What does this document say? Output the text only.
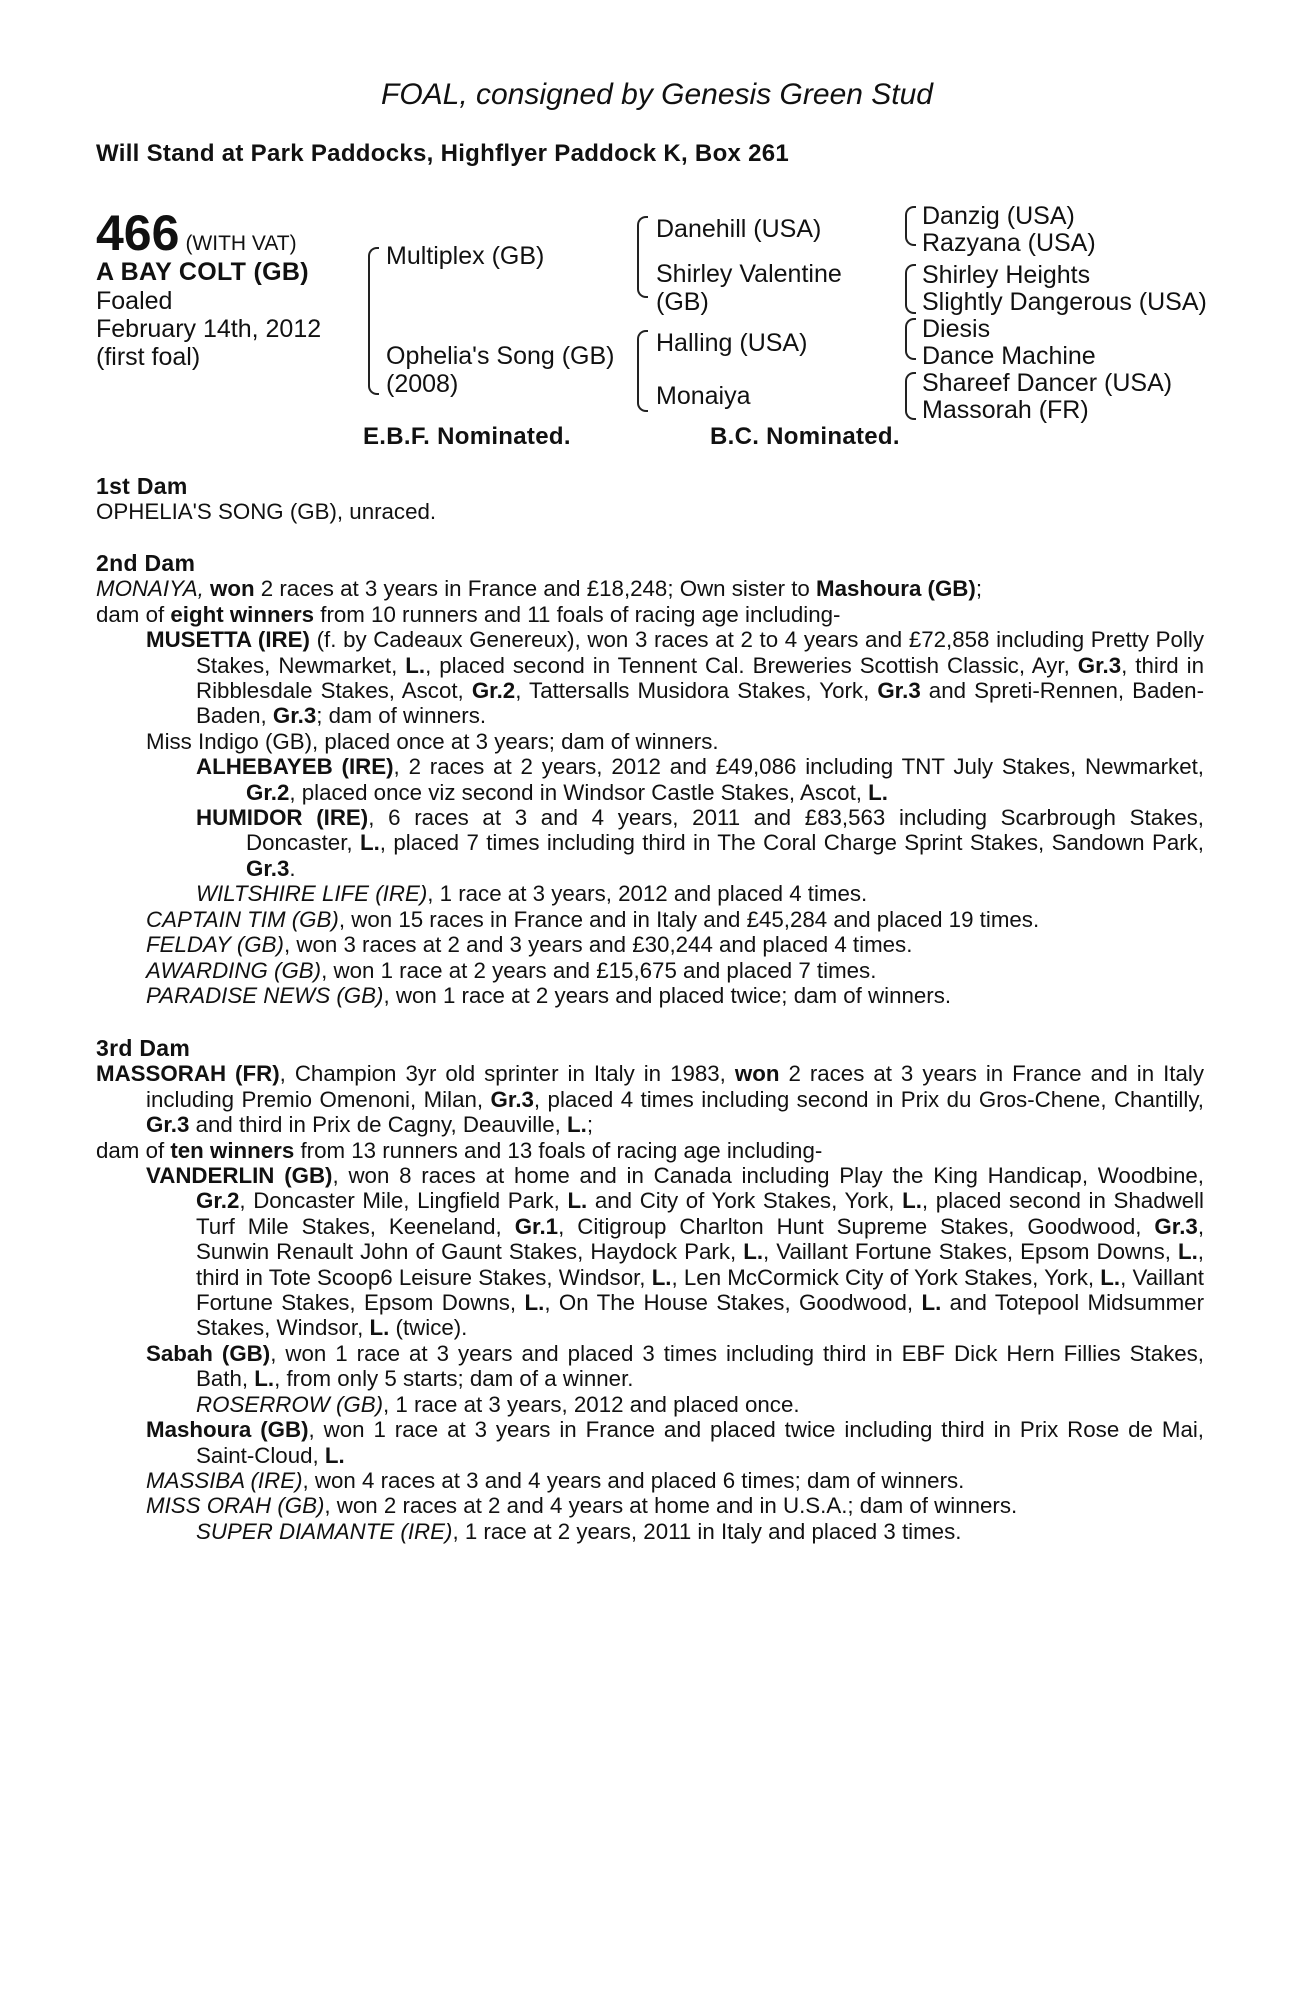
FOAL, consigned by Genesis Green Stud
Will Stand at Park Paddocks, Highflyer Paddock K, Box 261
466 (WITH VAT)
A BAY COLT (GB)
Foaled
February 14th, 2012
(first foal)
Multiplex (GB)
Ophelia's Song (GB)
(2008)
Danehill (USA)
Shirley Valentine
(GB)
Halling (USA)
Monaiya
Danzig (USA)
Razyana (USA)
Shirley Heights
Slightly Dangerous (USA)
Diesis
Dance Machine
Shareef Dancer (USA)
Massorah (FR)
E.B.F. Nominated.	B.C. Nominated.
1st Dam

OPHELIA'S SONG (GB), unraced.

2nd Dam

MONAIYA, won 2 races at 3 years in France and £18,248; Own sister to Mashoura (GB);

dam of eight winners from 10 runners and 11 foals of racing age including-

MUSETTA (IRE) (f. by Cadeaux Genereux), won 3 races at 2 to 4 years and £72,858 including Pretty Polly Stakes, Newmarket, L., placed second in Tennent Cal. Breweries Scottish Classic, Ayr, Gr.3, third in Ribblesdale Stakes, Ascot, Gr.2, Tattersalls Musidora Stakes, York, Gr.3 and Spreti-Rennen, Baden-Baden, Gr.3; dam of winners.

Miss Indigo (GB), placed once at 3 years; dam of winners.

ALHEBAYEB (IRE), 2 races at 2 years, 2012 and £49,086 including TNT July Stakes, Newmarket, Gr.2, placed once viz second in Windsor Castle Stakes, Ascot, L.

HUMIDOR (IRE), 6 races at 3 and 4 years, 2011 and £83,563 including Scarbrough Stakes, Doncaster, L., placed 7 times including third in The Coral Charge Sprint Stakes, Sandown Park, Gr.3.

WILTSHIRE LIFE (IRE), 1 race at 3 years, 2012 and placed 4 times.

CAPTAIN TIM (GB), won 15 races in France and in Italy and £45,284 and placed 19 times.

FELDAY (GB), won 3 races at 2 and 3 years and £30,244 and placed 4 times.

AWARDING (GB), won 1 race at 2 years and £15,675 and placed 7 times.

PARADISE NEWS (GB), won 1 race at 2 years and placed twice; dam of winners.

3rd Dam

MASSORAH (FR), Champion 3yr old sprinter in Italy in 1983, won 2 races at 3 years in France and in Italy including Premio Omenoni, Milan, Gr.3, placed 4 times including second in Prix du Gros-Chene, Chantilly, Gr.3 and third in Prix de Cagny, Deauville, L.;

dam of ten winners from 13 runners and 13 foals of racing age including-

VANDERLIN (GB), won 8 races at home and in Canada including Play the King Handicap, Woodbine, Gr.2, Doncaster Mile, Lingfield Park, L. and City of York Stakes, York, L., placed second in Shadwell Turf Mile Stakes, Keeneland, Gr.1, Citigroup Charlton Hunt Supreme Stakes, Goodwood, Gr.3, Sunwin Renault John of Gaunt Stakes, Haydock Park, L., Vaillant Fortune Stakes, Epsom Downs, L., third in Tote Scoop6 Leisure Stakes, Windsor, L., Len McCormick City of York Stakes, York, L., Vaillant Fortune Stakes, Epsom Downs, L., On The House Stakes, Goodwood, L. and Totepool Midsummer Stakes, Windsor, L. (twice).

Sabah (GB), won 1 race at 3 years and placed 3 times including third in EBF Dick Hern Fillies Stakes, Bath, L., from only 5 starts; dam of a winner.

ROSERROW (GB), 1 race at 3 years, 2012 and placed once.

Mashoura (GB), won 1 race at 3 years in France and placed twice including third in Prix Rose de Mai, Saint-Cloud, L.

MASSIBA (IRE), won 4 races at 3 and 4 years and placed 6 times; dam of winners.

MISS ORAH (GB), won 2 races at 2 and 4 years at home and in U.S.A.; dam of winners.

SUPER DIAMANTE (IRE), 1 race at 2 years, 2011 in Italy and placed 3 times.
